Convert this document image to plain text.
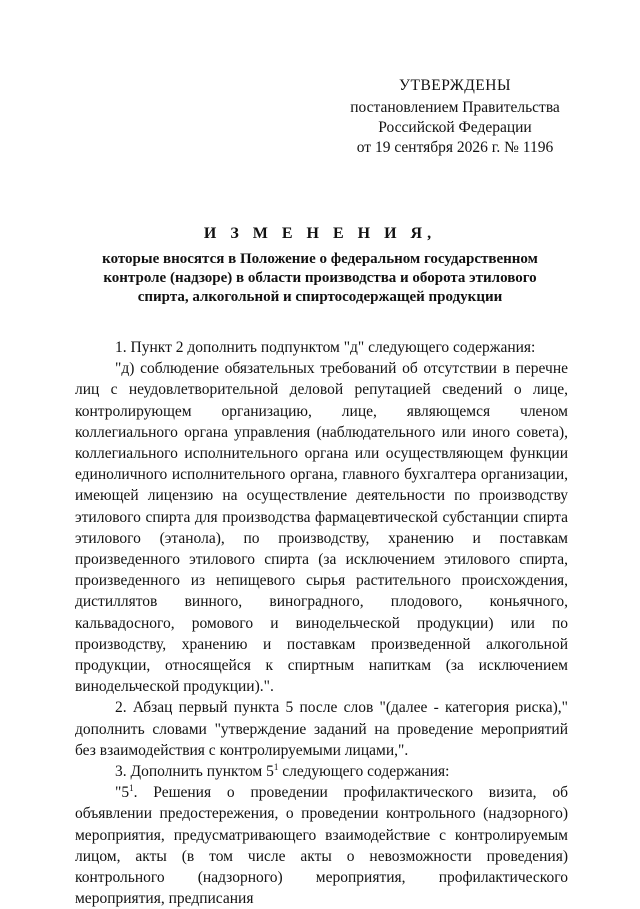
УТВЕРЖДЕНЫ
постановлением Правительства
Российской Федерации
от 19 сентября 2026 г. № 1196
И З М Е Н Е Н И Я,
которые вносятся в Положение о федеральном государственном контроле (надзоре) в области производства и оборота этилового спирта, алкогольной и спиртосодержащей продукции

1. Пункт 2 дополнить подпунктом "д" следующего содержания:

"д) соблюдение обязательных требований об отсутствии в перечне лиц с неудовлетворительной деловой репутацией сведений о лице, контролирующем организацию, лице, являющемся членом коллегиального органа управления (наблюдательного или иного совета), коллегиального исполнительного органа или осуществляющем функции единоличного исполнительного органа, главного бухгалтера организации, имеющей лицензию на осуществление деятельности по производству этилового спирта для производства фармацевтической субстанции спирта этилового (этанола), по производству, хранению и поставкам произведенного этилового спирта (за исключением этилового спирта, произведенного из непищевого сырья растительного происхождения, дистиллятов винного, виноградного, плодового, коньячного, кальвадосного, ромового и винодельческой продукции) или по производству, хранению и поставкам произведенной алкогольной продукции, относящейся к спиртным напиткам (за исключением винодельческой продукции).".

2. Абзац первый пункта 5 после слов "(далее - категория риска)," дополнить словами "утверждение заданий на проведение мероприятий без взаимодействия с контролируемыми лицами,".

3. Дополнить пунктом $5^1$ следующего содержания:

"$5^1$. Решения о проведении профилактического визита, об объявлении предостережения, о проведении контрольного (надзорного) мероприятия, предусматривающего взаимодействие с контролируемым лицом, акты (в том числе акты о невозможности проведения) контрольного (надзорного) мероприятия, профилактического мероприятия, предписания
